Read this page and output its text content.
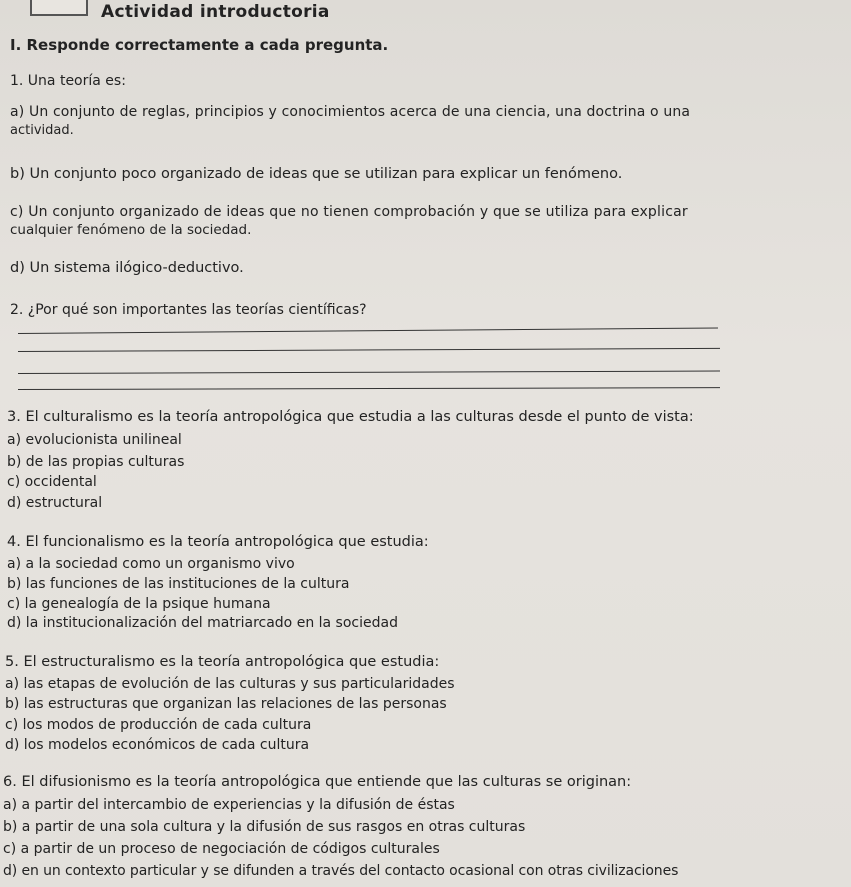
Actividad introductoria
I. Responde correctamente a cada pregunta.
1. Una teoría es:
a) Un conjunto de reglas, principios y conocimientos acerca de una ciencia, una doctrina o una
actividad.
b) Un conjunto poco organizado de ideas que se utilizan para explicar un fenómeno.
c) Un conjunto organizado de ideas que no tienen comprobación y que se utiliza para explicar
cualquier fenómeno de la sociedad.
d) Un sistema ilógico-deductivo.
2. ¿Por qué son importantes las teorías científicas?
3. El culturalismo es la teoría antropológica que estudia a las culturas desde el punto de vista:
a) evolucionista unilineal
b) de las propias culturas
c) occidental
d) estructural
4. El funcionalismo es la teoría antropológica que estudia:
a) a la sociedad como un organismo vivo
b) las funciones de las instituciones de la cultura
c) la genealogía de la psique humana
d) la institucionalización del matriarcado en la sociedad
5. El estructuralismo es la teoría antropológica que estudia:
a) las etapas de evolución de las culturas y sus particularidades
b) las estructuras que organizan las relaciones de las personas
c) los modos de producción de cada cultura
d) los modelos económicos de cada cultura
6. El difusionismo es la teoría antropológica que entiende que las culturas se originan:
a) a partir del intercambio de experiencias y la difusión de éstas
b) a partir de una sola cultura y la difusión de sus rasgos en otras culturas
c) a partir de un proceso de negociación de códigos culturales
d) en un contexto particular y se difunden a través del contacto ocasional con otras civilizaciones
